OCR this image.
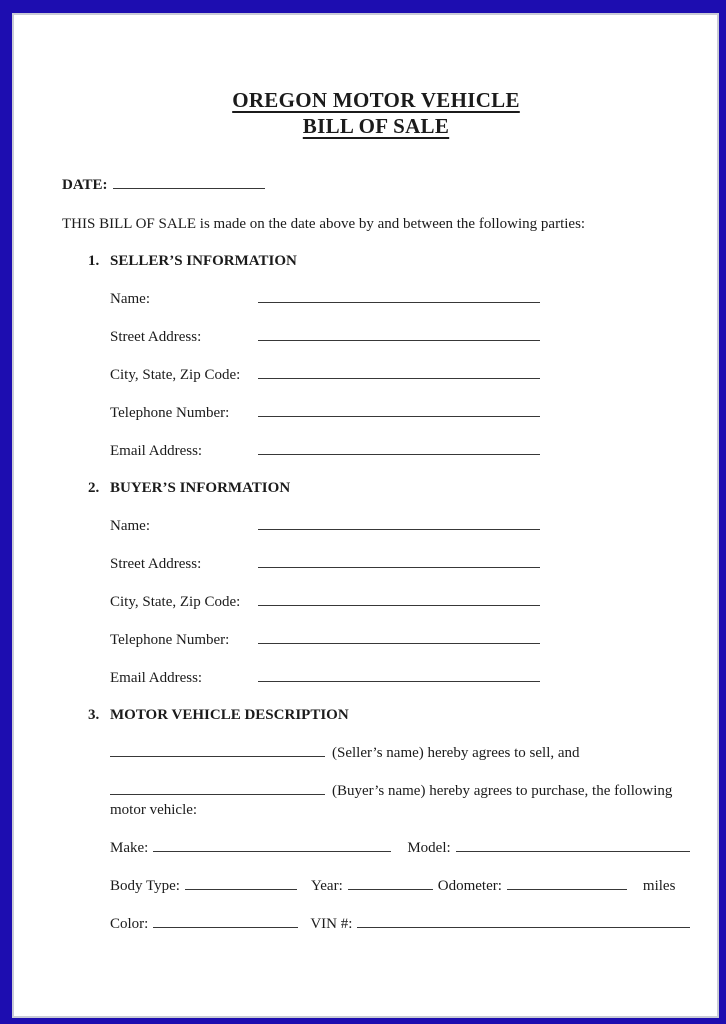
OREGON MOTOR VEHICLE
BILL OF SALE
DATE:

THIS BILL OF SALE is made on the date above by and between the following parties:

1. SELLER’S INFORMATION
Name:
Street Address:
City, State, Zip Code:
Telephone Number:
Email Address:
2. BUYER’S INFORMATION
Name:
Street Address:
City, State, Zip Code:
Telephone Number:
Email Address:
3. MOTOR VEHICLE DESCRIPTION
(Seller’s name) hereby agrees to sell, and
(Buyer’s name) hereby agrees to purchase, the following
motor vehicle:
Make:	Model:
Body Type:	Year:	Odometer:	miles
Color:	VIN #:
